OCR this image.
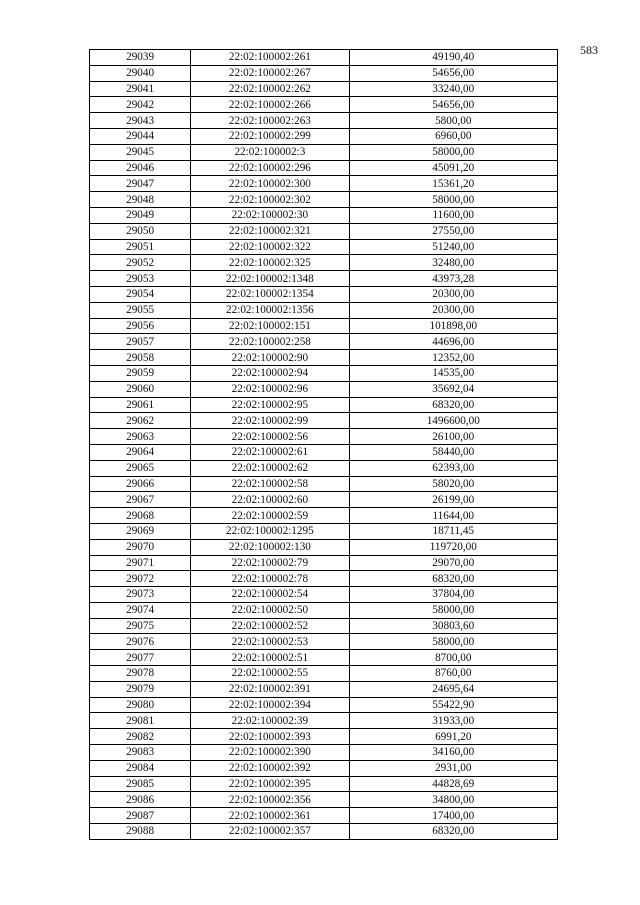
583
29039	22:02:100002:261	49190,40
29040	22:02:100002:267	54656,00
29041	22:02:100002:262	33240,00
29042	22:02:100002:266	54656,00
29043	22:02:100002:263	5800,00
29044	22:02:100002:299	6960,00
29045	22:02:100002:3	58000,00
29046	22:02:100002:296	45091,20
29047	22:02:100002:300	15361,20
29048	22:02:100002:302	58000,00
29049	22:02:100002:30	11600,00
29050	22:02:100002:321	27550,00
29051	22:02:100002:322	51240,00
29052	22:02:100002:325	32480,00
29053	22:02:100002:1348	43973,28
29054	22:02:100002:1354	20300,00
29055	22:02:100002:1356	20300,00
29056	22:02:100002:151	101898,00
29057	22:02:100002:258	44696,00
29058	22:02:100002:90	12352,00
29059	22:02:100002:94	14535,00
29060	22:02:100002:96	35692,04
29061	22:02:100002:95	68320,00
29062	22:02:100002:99	1496600,00
29063	22:02:100002:56	26100,00
29064	22:02:100002:61	58440,00
29065	22:02:100002:62	62393,00
29066	22:02:100002:58	58020,00
29067	22:02:100002:60	26199,00
29068	22:02:100002:59	11644,00
29069	22:02:100002:1295	18711,45
29070	22:02:100002:130	119720,00
29071	22:02:100002:79	29070,00
29072	22:02:100002:78	68320,00
29073	22:02:100002:54	37804,00
29074	22:02:100002:50	58000,00
29075	22:02:100002:52	30803,60
29076	22:02:100002:53	58000,00
29077	22:02:100002:51	8700,00
29078	22:02:100002:55	8760,00
29079	22:02:100002:391	24695,64
29080	22:02:100002:394	55422,90
29081	22:02:100002:39	31933,00
29082	22:02:100002:393	6991,20
29083	22:02:100002:390	34160,00
29084	22:02:100002:392	2931,00
29085	22:02:100002:395	44828,69
29086	22:02:100002:356	34800,00
29087	22:02:100002:361	17400,00
29088	22:02:100002:357	68320,00
